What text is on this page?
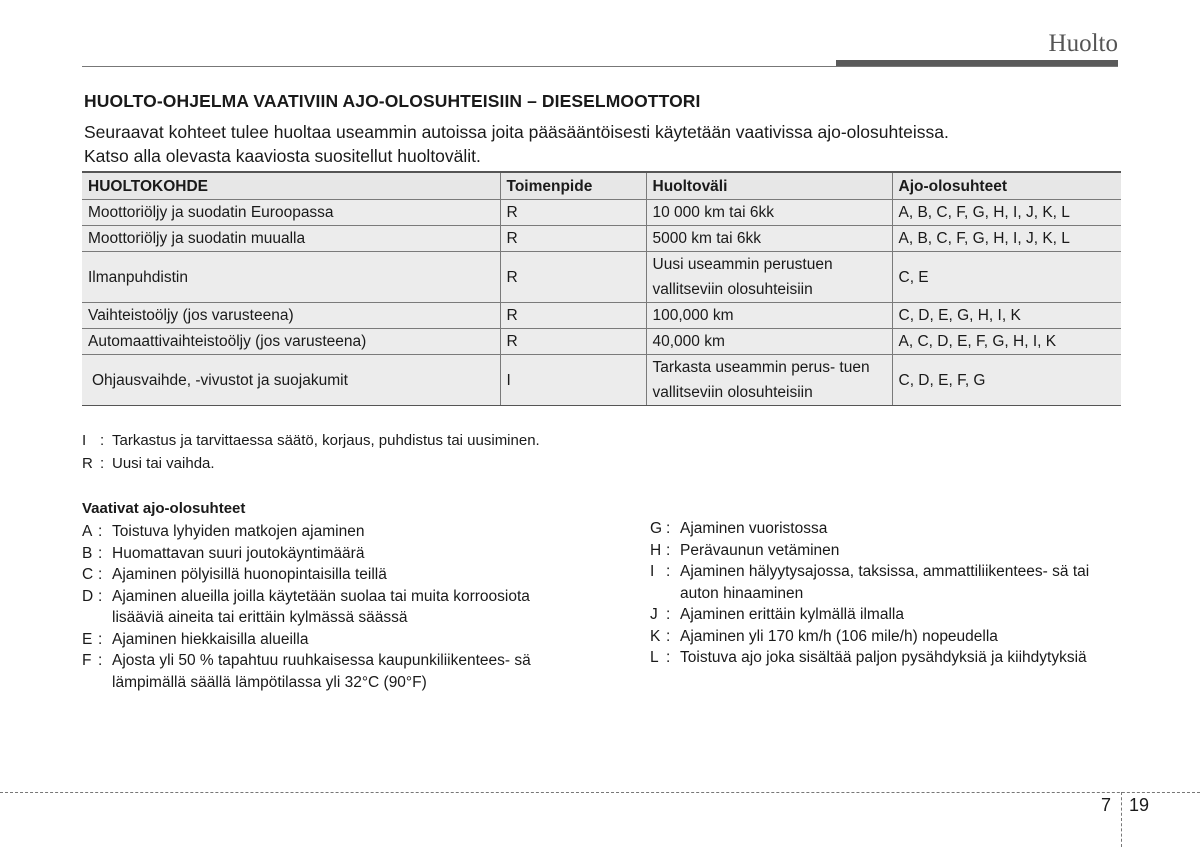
Huolto
HUOLTO-OHJELMA VAATIVIIN AJO-OLOSUHTEISIIN – DIESELMOOTTORI

Seuraavat kohteet tulee huoltaa useammin autoissa joita pääsääntöisesti käytetään vaativissa ajo-olosuhteissa.

Katso alla olevasta kaaviosta suositellut huoltovälit.

HUOLTOKOHDE	Toimenpide	Huoltoväli	Ajo-olosuhteet
Moottoriöljy ja suodatin Euroopassa	R	10 000 km tai 6kk	A, B, C, F, G, H, I, J, K, L
Moottoriöljy ja suodatin muualla	R	5000 km tai 6kk	A, B, C, F, G, H, I, J, K, L
Ilmanpuhdistin	R	Uusi useammin perustuen vallitseviin olosuhteisiin	C, E
Vaihteistoöljy (jos varusteena)	R	100,000 km	C, D, E, G, H, I, K
Automaattivaihteistoöljy (jos varusteena)	R	40,000 km	A, C, D, E, F, G, H, I, K
Ohjausvaihde, -vivustot ja suojakumit	I	Tarkasta useammin perus- tuen vallitseviin olosuhteisiin	C, D, E, F, G
I : Tarkastus ja tarvittaessa säätö, korjaus, puhdistus tai uusiminen.
R : Uusi tai vaihda.
Vaativat ajo-olosuhteet
A : Toistuva lyhyiden matkojen ajaminen
B : Huomattavan suuri joutokäyntimäärä
C : Ajaminen pölyisillä huonopintaisilla teillä
D : Ajaminen alueilla joilla käytetään suolaa tai muita korroosiota lisääviä aineita tai erittäin kylmässä säässä
E : Ajaminen hiekkaisilla alueilla
F : Ajosta yli 50 % tapahtuu ruuhkaisessa kaupunkiliikentees- sä lämpimällä säällä lämpötilassa yli 32°C (90°F)
G : Ajaminen vuoristossa
H : Perävaunun vetäminen
I : Ajaminen hälyytysajossa, taksissa, ammattiliikentees- sä tai auton hinaaminen
J : Ajaminen erittäin kylmällä ilmalla
K : Ajaminen yli 170 km/h (106 mile/h) nopeudella
L : Toistuva ajo joka sisältää paljon pysähdyksiä ja kiihdytyksiä
7 19
